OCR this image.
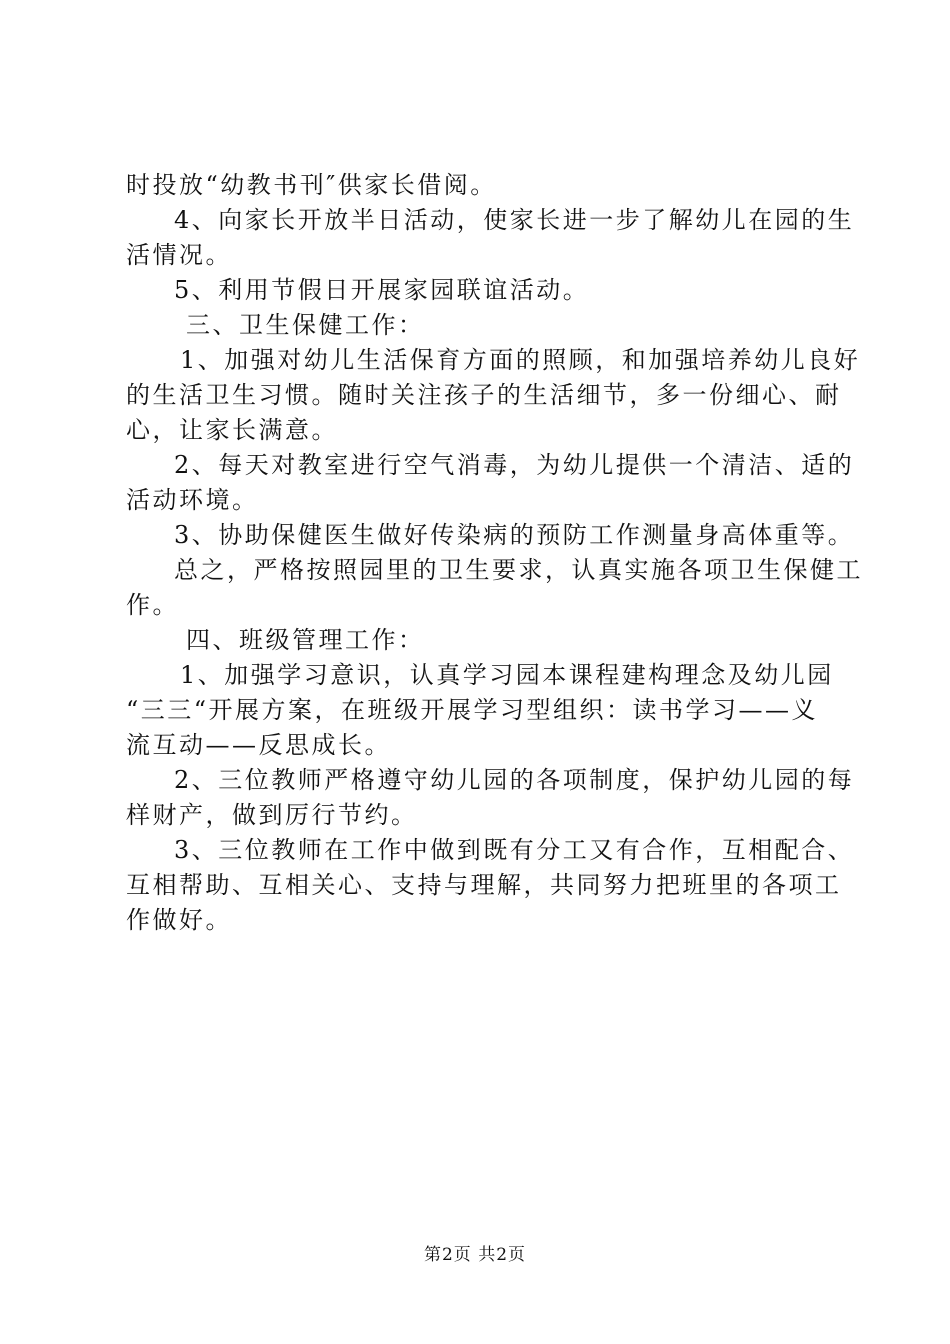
时投放“幼教书刊″供家长借阅。
4、向家长开放半日活动，使家长进一步了解幼儿在园的生
活情况。
5、利用节假日开展家园联谊活动。
三、卫生保健工作：
1、加强对幼儿生活保育方面的照顾，和加强培养幼儿良好
的生活卫生习惯。随时关注孩子的生活细节，多一份细心、耐
心，让家长满意。
2、每天对教室进行空气消毒，为幼儿提供一个清洁、适的
活动环境。
3、协助保健医生做好传染病的预防工作测量身高体重等。
总之，严格按照园里的卫生要求，认真实施各项卫生保健工
作。
四、班级管理工作：
1、加强学习意识，认真学习园本课程建构理念及幼儿园
“三三“开展方案，在班级开展学习型组织：读书学习——义
流互动——反思成长。
2、三位教师严格遵守幼儿园的各项制度，保护幼儿园的每
样财产，做到厉行节约。
3、三位教师在工作中做到既有分工又有合作，互相配合、
互相帮助、互相关心、支持与理解，共同努力把班里的各项工
作做好。
第2页 共2页
